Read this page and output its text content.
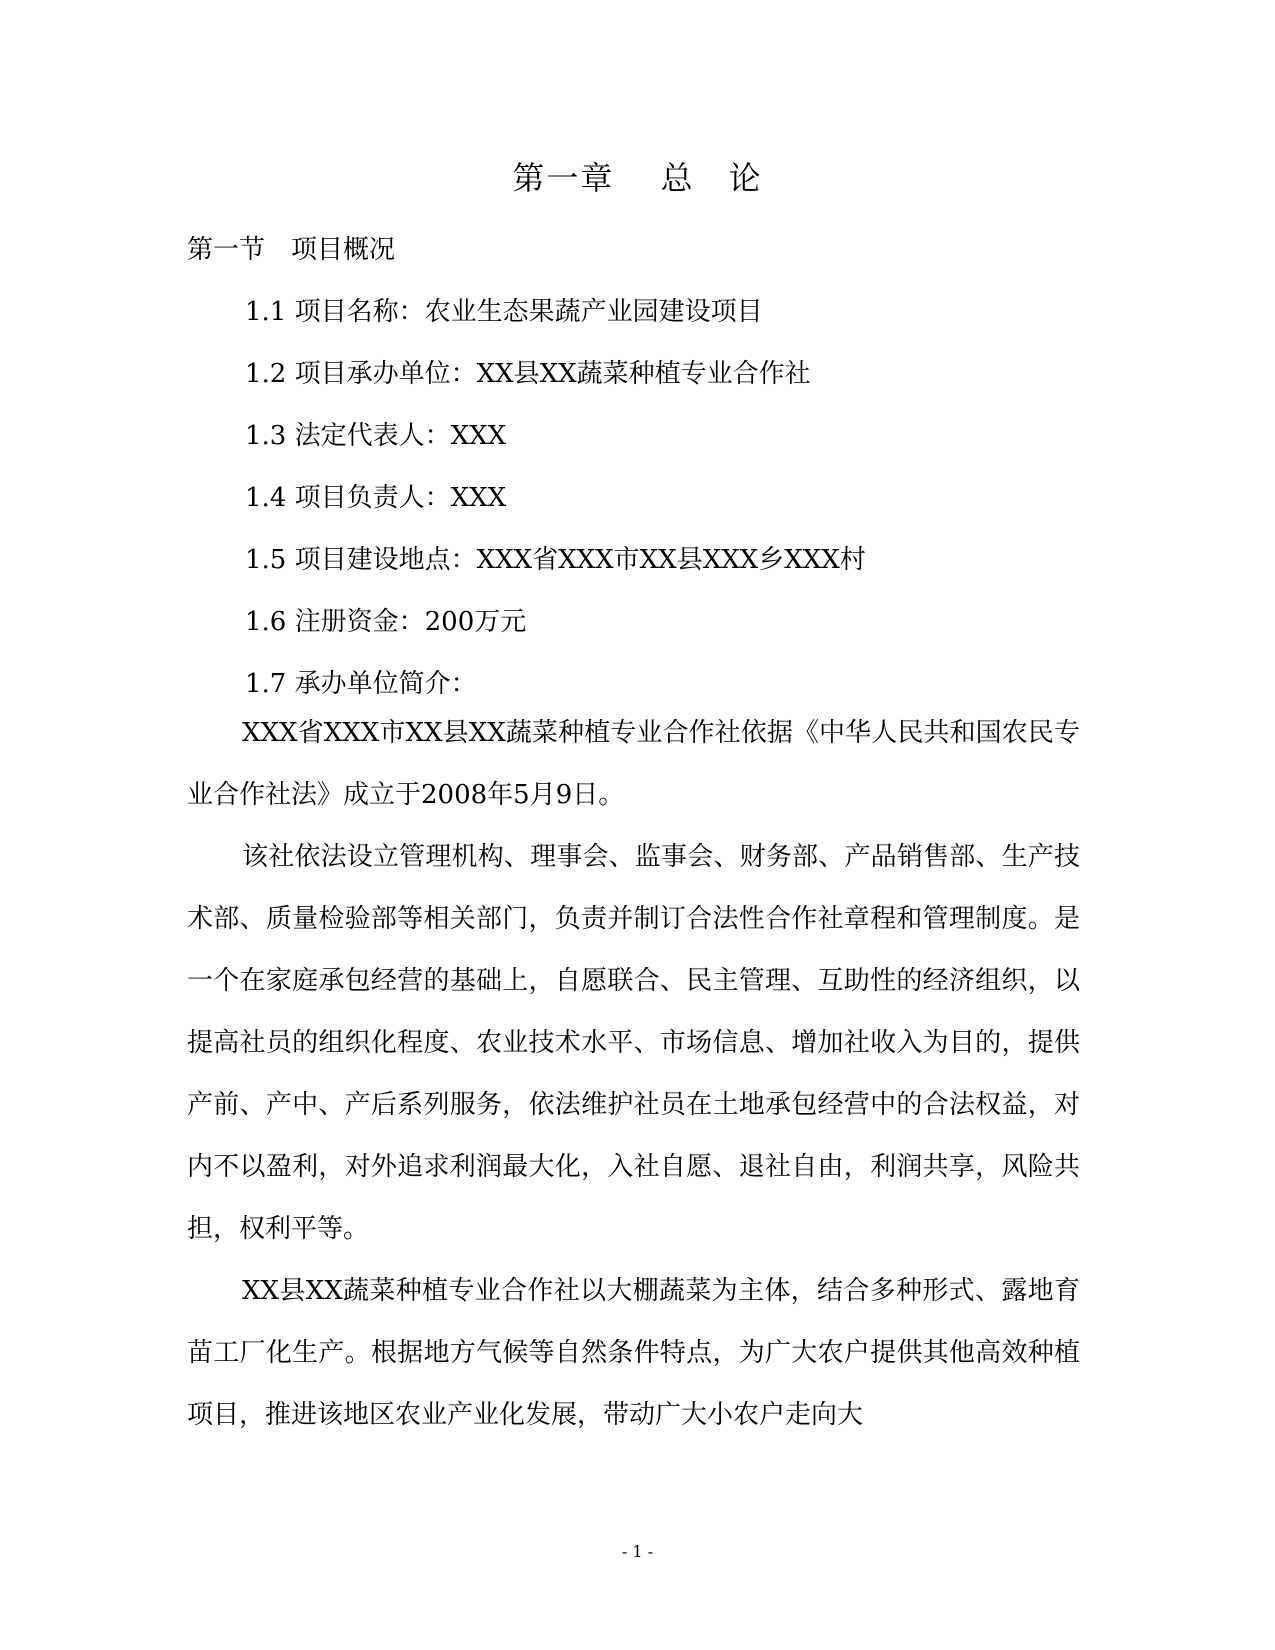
第一章　 总　论
第一节　项目概况
1.1 项目名称：农业生态果蔬产业园建设项目
1.2 项目承办单位：XX县XX蔬菜种植专业合作社
1.3 法定代表人：XXX
1.4 项目负责人：XXX
1.5 项目建设地点：XXX省XXX市XX县XXX乡XXX村
1.6 注册资金：200万元
1.7 承办单位简介：

XXX省XXX市XX县XX蔬菜种植专业合作社依据《中华人民共和国农民专业合作社法》成立于2008年5月9日。

该社依法设立管理机构、理事会、监事会、财务部、产品销售部、生产技术部、质量检验部等相关部门，负责并制订合法性合作社章程和管理制度。是一个在家庭承包经营的基础上，自愿联合、民主管理、互助性的经济组织，以提高社员的组织化程度、农业技术水平、市场信息、增加社收入为目的，提供产前、产中、产后系列服务，依法维护社员在土地承包经营中的合法权益，对内不以盈利，对外追求利润最大化，入社自愿、退社自由，利润共享，风险共担，权利平等。

XX县XX蔬菜种植专业合作社以大棚蔬菜为主体，结合多种形式、露地育苗工厂化生产。根据地方气候等自然条件特点，为广大农户提供其他高效种植项目，推进该地区农业产业化发展，带动广大小农户走向大

- 1 -
